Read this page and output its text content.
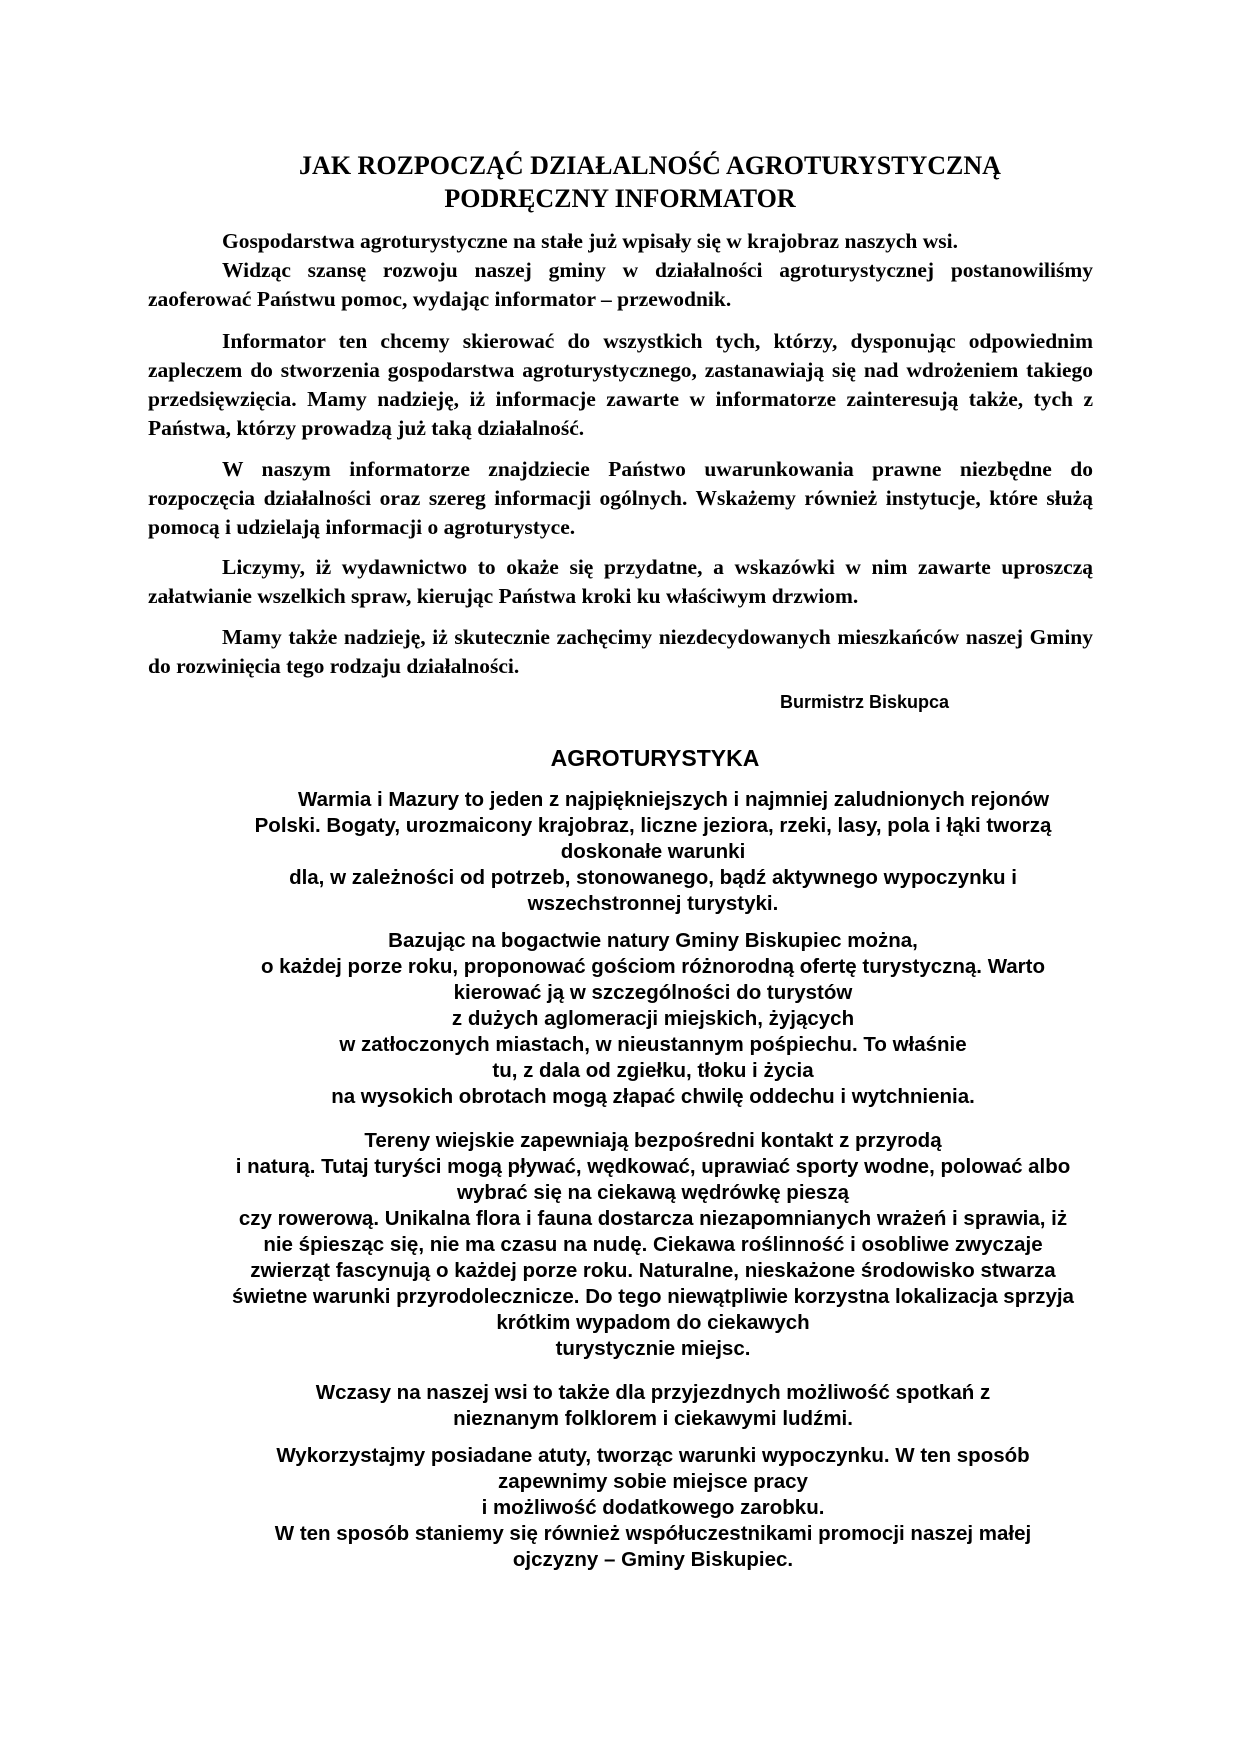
JAK ROZPOCZĄĆ DZIAŁALNOŚĆ AGROTURYSTYCZNĄ
PODRĘCZNY INFORMATOR

Gospodarstwa agroturystyczne na stałe już wpisały się w krajobraz naszych wsi.

Widząc szansę rozwoju naszej gminy w działalności agroturystycznej postanowiliśmy zaoferować Państwu pomoc, wydając informator – przewodnik.

Informator ten chcemy skierować do wszystkich tych, którzy, dysponując odpowiednim zapleczem do stworzenia gospodarstwa agroturystycznego, zastanawiają się nad wdrożeniem takiego przedsięwzięcia. Mamy nadzieję, iż informacje zawarte w informatorze zainteresują także, tych z Państwa, którzy prowadzą już taką działalność.

W naszym informatorze znajdziecie Państwo uwarunkowania prawne niezbędne do rozpoczęcia działalności oraz szereg informacji ogólnych. Wskażemy również instytucje, które służą pomocą i udzielają informacji o agroturystyce.

Liczymy, iż wydawnictwo to okaże się przydatne, a wskazówki w nim zawarte uproszczą załatwianie wszelkich spraw, kierując Państwa kroki ku właściwym drzwiom.

Mamy także nadzieję, iż skutecznie zachęcimy niezdecydowanych mieszkańców naszej Gminy do rozwinięcia tego rodzaju działalności.

Burmistrz Biskupca
AGROTURYSTYKA

Warmia i Mazury to jeden z najpiękniejszych i najmniej zaludnionych rejonów

Polski. Bogaty, urozmaicony krajobraz, liczne jeziora, rzeki, lasy, pola i łąki tworzą

doskonałe warunki

dla, w zależności od potrzeb, stonowanego, bądź aktywnego wypoczynku i

wszechstronnej turystyki.

Bazując na bogactwie natury Gminy Biskupiec można,

o każdej porze roku, proponować gościom różnorodną ofertę turystyczną. Warto

kierować ją w szczególności do turystów

z dużych aglomeracji miejskich, żyjących

w zatłoczonych miastach, w nieustannym pośpiechu. To właśnie

tu, z dala od zgiełku, tłoku i życia

na wysokich obrotach mogą złapać chwilę oddechu i wytchnienia.

Tereny wiejskie zapewniają bezpośredni kontakt z przyrodą

i naturą. Tutaj turyści mogą pływać, wędkować, uprawiać sporty wodne, polować albo

wybrać się na ciekawą wędrówkę pieszą

czy rowerową. Unikalna flora i fauna dostarcza niezapomnianych wrażeń i sprawia, iż

nie śpiesząc się, nie ma czasu na nudę. Ciekawa roślinność i osobliwe zwyczaje

zwierząt fascynują o każdej porze roku. Naturalne, nieskażone środowisko stwarza

świetne warunki przyrodolecznicze. Do tego niewątpliwie korzystna lokalizacja sprzyja

krótkim wypadom do ciekawych

turystycznie miejsc.

Wczasy na naszej wsi to także dla przyjezdnych możliwość spotkań z

nieznanym folklorem i ciekawymi ludźmi.

Wykorzystajmy posiadane atuty, tworząc warunki wypoczynku. W ten sposób

zapewnimy sobie miejsce pracy

i możliwość dodatkowego zarobku.

W ten sposób staniemy się również współuczestnikami promocji naszej małej

ojczyzny – Gminy Biskupiec.
